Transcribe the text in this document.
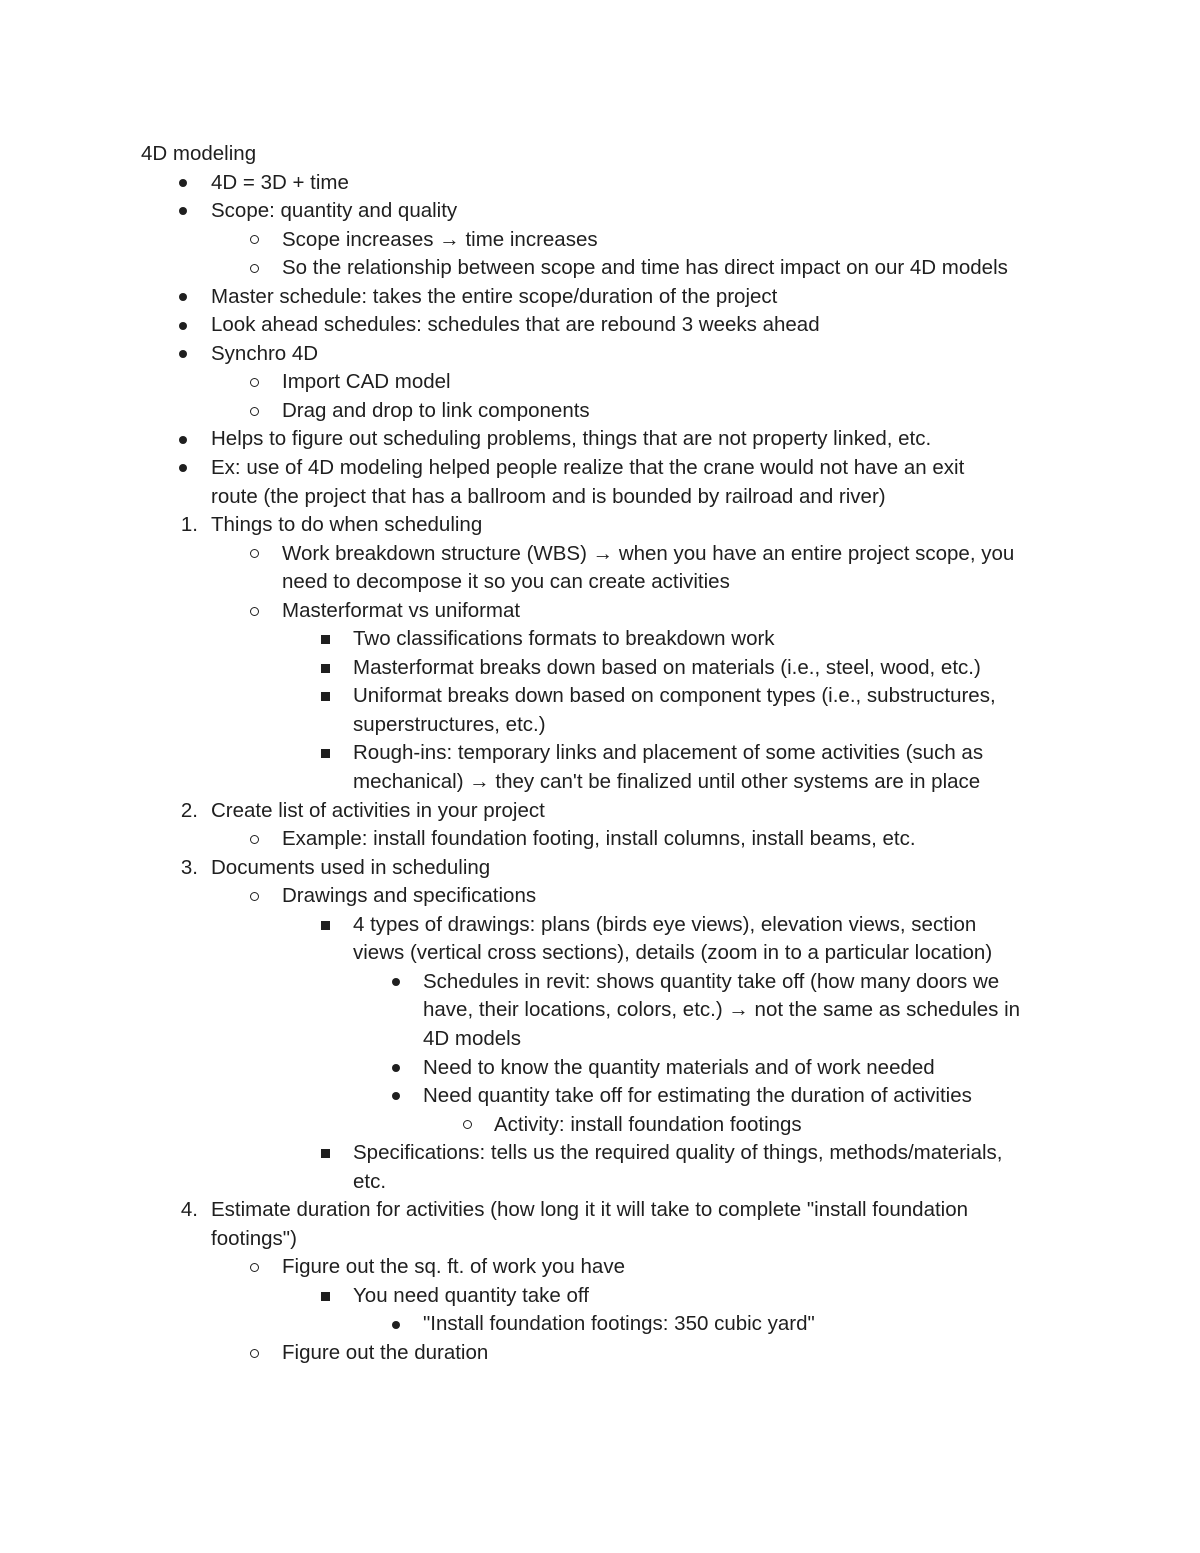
4D modeling
4D = 3D + time
Scope: quantity and quality
Scope increases → time increases
So the relationship between scope and time has direct impact on our 4D models
Master schedule: takes the entire scope/duration of the project
Look ahead schedules: schedules that are rebound 3 weeks ahead
Synchro 4D
Import CAD model
Drag and drop to link components
Helps to figure out scheduling problems, things that are not property linked, etc.
Ex: use of 4D modeling helped people realize that the crane would not have an exit
route (the project that has a ballroom and is bounded by railroad and river)
1. Things to do when scheduling
Work breakdown structure (WBS) → when you have an entire project scope, you
need to decompose it so you can create activities
Masterformat vs uniformat
Two classifications formats to breakdown work
Masterformat breaks down based on materials (i.e., steel, wood, etc.)
Uniformat breaks down based on component types (i.e., substructures,
superstructures, etc.)
Rough-ins: temporary links and placement of some activities (such as
mechanical) → they can't be finalized until other systems are in place
2. Create list of activities in your project
Example: install foundation footing, install columns, install beams, etc.
3. Documents used in scheduling
Drawings and specifications
4 types of drawings: plans (birds eye views), elevation views, section
views (vertical cross sections), details (zoom in to a particular location)
Schedules in revit: shows quantity take off (how many doors we
have, their locations, colors, etc.) → not the same as schedules in
4D models
Need to know the quantity materials and of work needed
Need quantity take off for estimating the duration of activities
Activity: install foundation footings
Specifications: tells us the required quality of things, methods/materials,
etc.
4. Estimate duration for activities (how long it it will take to complete "install foundation
footings")
Figure out the sq. ft. of work you have
You need quantity take off
"Install foundation footings: 350 cubic yard"
Figure out the duration
